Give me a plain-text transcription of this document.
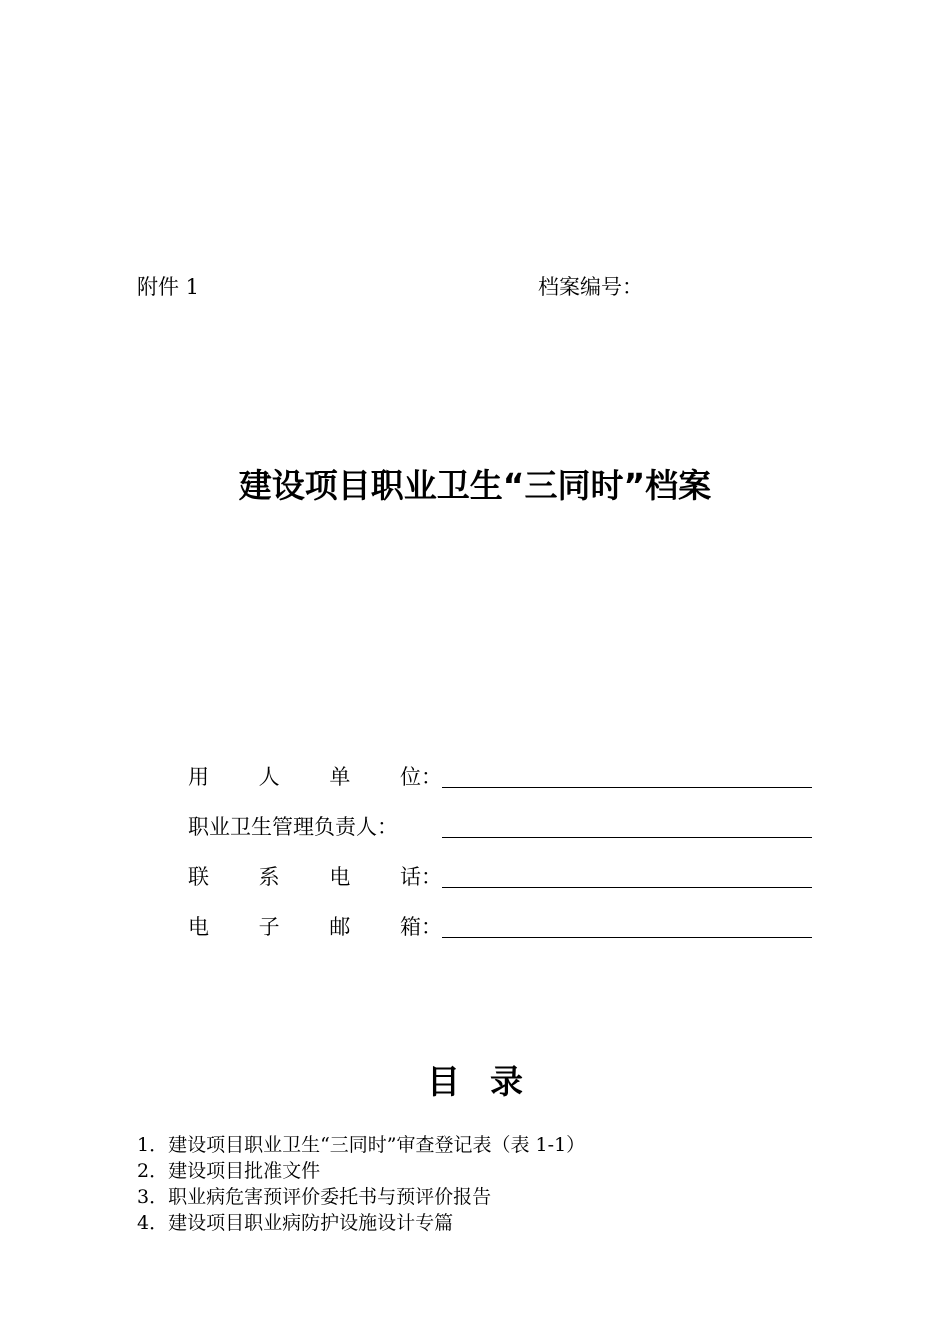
附件 1	档案编号：
建设项目职业卫生“三同时”档案
用 人 单 位：
职业卫生管理负责人：
联 系 电 话：
电 子 邮 箱：
目录
1．建设项目职业卫生“三同时”审查登记表（表 1-1）
2．建设项目批准文件
3．职业病危害预评价委托书与预评价报告
4．建设项目职业病防护设施设计专篇
